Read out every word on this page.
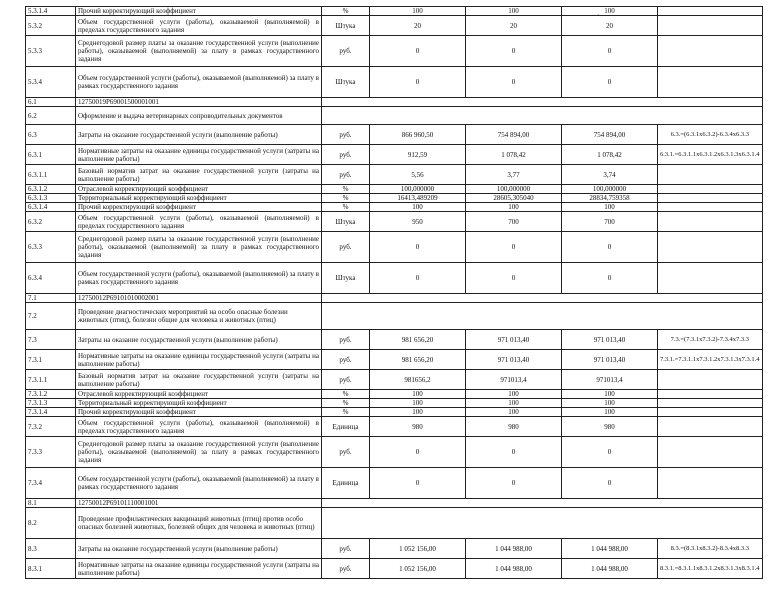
5.3.1.4	Прочий корректирующий коэффициент	%	100	100	100	
5.3.2	Объем государственной услуги (работы), оказываемой (выполняемой) в пределах государственного задания	Штука	20	20	20	
5.3.3	Среднегодовой размер платы за оказание государственной услуги (выполнение работы), оказываемой (выполняемой) за плату в рамках государственного задания	руб.	0	0	0	
5.3.4	Объем государственной услуги (работы), оказываемой (выполняемой) за плату в рамках государственного задания	Штука	0	0	0	
6.1	12750019Р69001500001001					
6.2	Оформление и выдача ветеринарных сопроводительных документов					
6.3	Затраты на оказание государственной услуги (выполнение работы)	руб.	866 960,50	754 894,00	754 894,00	6.3.=(6.3.1х6.3.2)-6.3.4х6.3.3
6.3.1	Нормативные затраты на оказание единицы государственной услуги (затраты на выполнение работы)	руб.	912,59	1 078,42	1 078,42	6.3.1.=6.3.1.1х6.3.1.2х6.3.1.3х6.3.1.4
6.3.1.1	Базовый норматив затрат на оказание государственной услуги (затраты на выполнение работы)	руб.	5,56	3,77	3,74	
6.3.1.2	Отраслевой корректирующий коэффициент	%	100,000000	100,000000	100,000000	
6.3.1.3	Территориальный корректирующий коэффициент	%	16413,489209	28605,305040	28834,759358	
6.3.1.4	Прочий корректирующий коэффициент	%	100	100	100	
6.3.2	Объем государственной услуги (работы), оказываемой (выполняемой) в пределах государственного задания	Штука	950	700	700	
6.3.3	Среднегодовой размер платы за оказание государственной услуги (выполнение работы), оказываемой (выполняемой) за плату в рамках государственного задания	руб.	0	0	0	
6.3.4	Объем государственной услуги (работы), оказываемой (выполняемой) за плату в рамках государственного задания	Штука	0	0	0	
7.1	12750012Р69101010002001					
7.2	Проведение диагностических мероприятий на особо опасные болезни животных (птиц), болезни общие для человека и животных (птиц)					
7.3	Затраты на оказание государственной услуги (выполнение работы)	руб.	981 656,20	971 013,40	971 013,40	7.3.=(7.3.1х7.3.2)-7.3.4х7.3.3
7.3.1	Нормативные затраты на оказание единицы государственной услуги (затраты на выполнение работы)	руб.	981 656,20	971 013,40	971 013,40	7.3.1.=7.3.1.1х7.3.1.2х7.3.1.3х7.3.1.4
7.3.1.1	Базовый норматив затрат на оказание государственной услуги (затраты на выполнение работы)	руб.	981656,2	971013,4	971013,4	
7.3.1.2	Отраслевой корректирующий коэффициент	%	100	100	100	
7.3.1.3	Территориальный корректирующий коэффициент	%	100	100	100	
7.3.1.4	Прочий корректирующий коэффициент	%	100	100	100	
7.3.2	Объем государственной услуги (работы), оказываемой (выполняемой) в пределах государственного задания	Единица	980	980	980	
7.3.3	Среднегодовой размер платы за оказание государственной услуги (выполнение работы), оказываемой (выполняемой) за плату в рамках государственного задания	руб.	0	0	0	
7.3.4	Объем государственной услуги (работы), оказываемой (выполняемой) за плату в рамках государственного задания	Единица	0	0	0	
8.1	12750012Р69101110001001					
8.2	Проведение профилактических вакцинаций животных (птиц) против особо опасных болезней животных, болезней общих для человека и животных (птиц)					
8.3	Затраты на оказание государственной услуги (выполнение работы)	руб.	1 052 156,00	1 044 988,00	1 044 988,00	8.3.=(8.3.1х8.3.2)-8.3.4х8.3.3
8.3.1	Нормативные затраты на оказание единицы государственной услуги (затраты на выполнение работы)	руб.	1 052 156,00	1 044 988,00	1 044 988,00	8.3.1.=8.3.1.1х8.3.1.2х8.3.1.3х8.3.1.4
·
